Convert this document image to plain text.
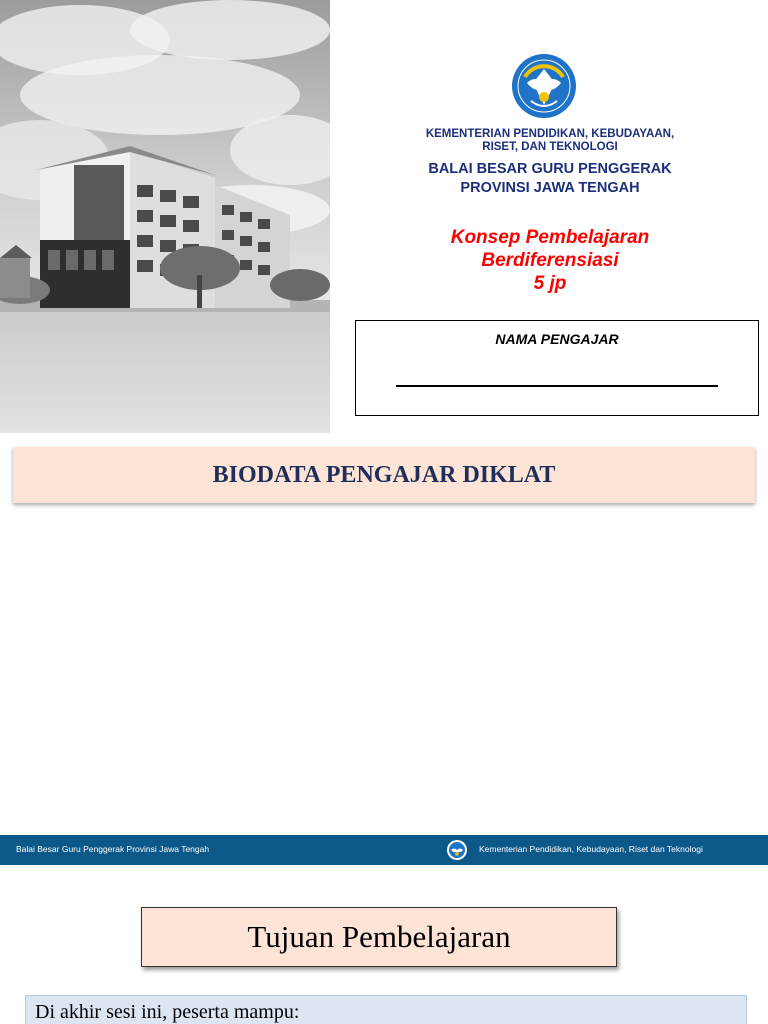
KEMENTERIAN PENDIDIKAN, KEBUDAYAAN,
RISET, DAN TEKNOLOGI
BALAI BESAR GURU PENGGERAK
PROVINSI JAWA TENGAH
Konsep Pembelajaran
Berdiferensiasi
5 jp
NAMA PENGAJAR
BIODATA PENGAJAR DIKLAT
Balai Besar Guru Penggerak Provinsi Jawa Tengah	Kementerian Pendidikan, Kebudayaan, Riset dan Teknologi
Tujuan Pembelajaran
Di akhir sesi ini, peserta mampu:
